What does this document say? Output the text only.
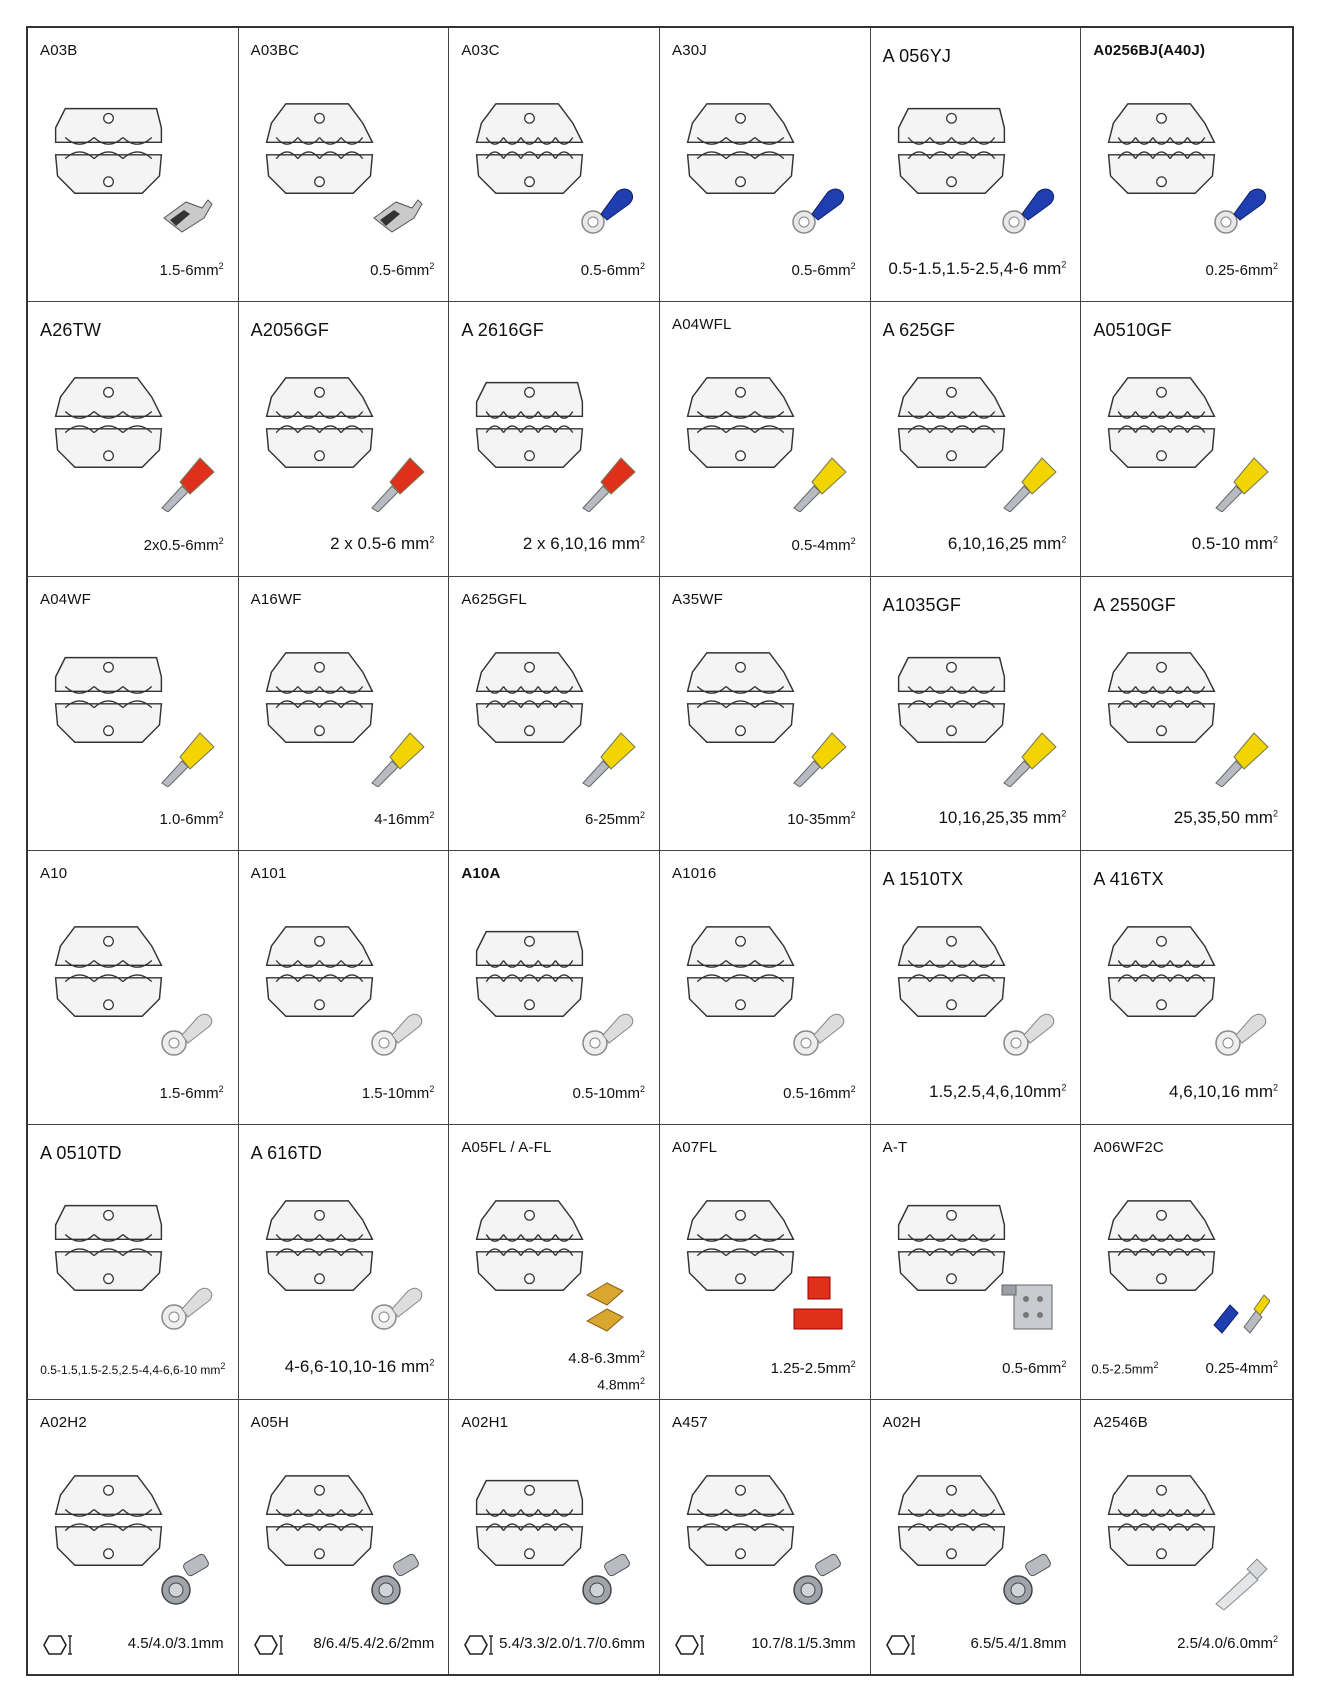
A03B
$1.5-6mm^2$
A03BC
$0.5-6mm^2$
A03C
$0.5-6mm^2$
A30J
$0.5-6mm^2$
A 056YJ
0.5-1.5,1.5-2.5,4-6 $mm^2$
A0256BJ(A40J)
$0.25-6mm^2$
A26TW
$2x0.5-6mm^2$
A2056GF
2 x 0.5-6 $mm^2$
A 2616GF
2 x 6,10,16 $mm^2$
A04WFL
$0.5-4mm^2$
A 625GF
6,10,16,25 $mm^2$
A0510GF
0.5-10 $mm^2$
A04WF
$1.0-6mm^2$
A16WF
$4-16mm^2$
A625GFL
$6-25mm^2$
A35WF
$10-35mm^2$
A1035GF
10,16,25,35 $mm^2$
A 2550GF
25,35,50 $mm^2$
A10
$1.5-6mm^2$
A101
$1.5-10mm^2$
A10A
$0.5-10mm^2$
A1016
$0.5-16mm^2$
A 1510TX
$1.5,2.5,4,6,10mm^2$
A 416TX
4,6,10,16 $mm^2$
A 0510TD
0.5-1.5,1.5-2.5,2.5-4,4-6,6-10 $mm^2$
A 616TD
4-6,6-10,10-16 $mm^2$
A05FL / A-FL
$4.8-6.3mm^2$
$4.8mm^2$
A07FL
$1.25-2.5mm^2$
A-T
$0.5-6mm^2$
A06WF2C
$0.25-4mm^2$
$0.5-2.5mm^2$
A02H2
4.5/4.0/3.1mm
A05H
8/6.4/5.4/2.6/2mm
A02H1
5.4/3.3/2.0/1.7/0.6mm
A457
10.7/8.1/5.3mm
A02H
6.5/5.4/1.8mm
A2546B
$2.5/4.0/6.0mm^2$
